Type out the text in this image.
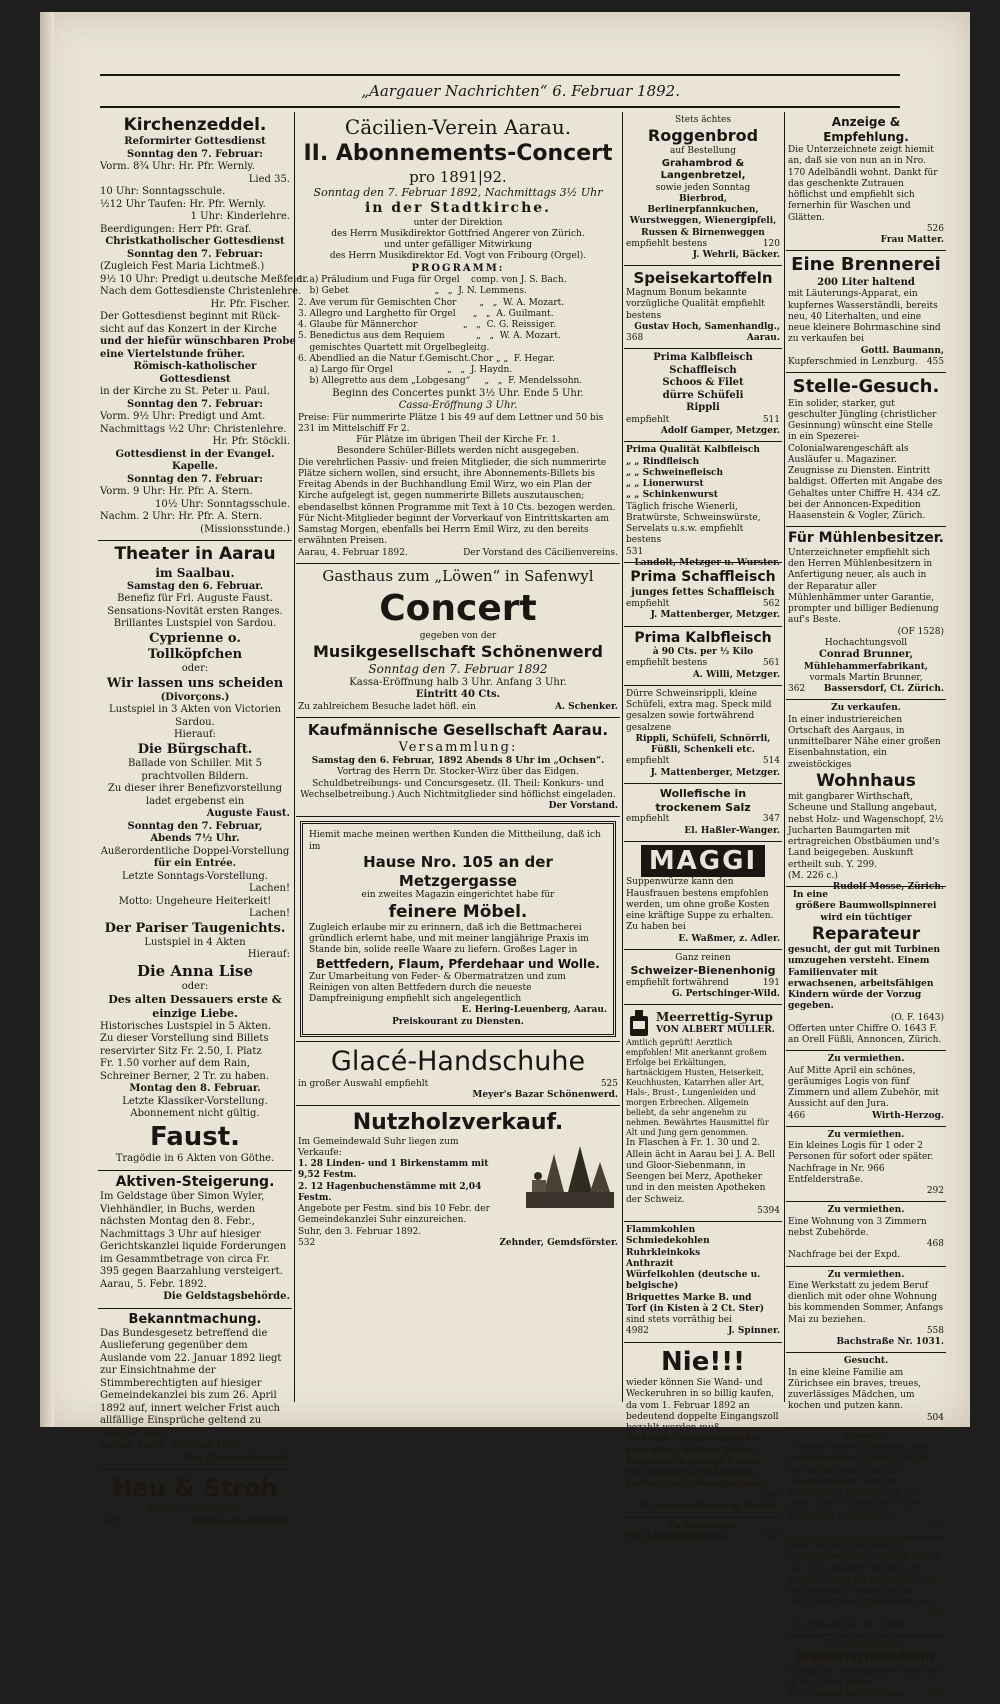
„Aargauer Nachrichten“ 6. Februar 1892.
Kirchenzeddel.
Reformirter Gottesdienst
Sonntag den 7. Februar:
Vorm. 8¾ Uhr: Hr. Pfr. Wernly.
Lied 35.
10 Uhr: Sonntagsschule.
½12 Uhr Taufen: Hr. Pfr. Wernly.
1 Uhr: Kinderlehre.
Beerdigungen: Herr Pfr. Graf.
Christkatholischer Gottesdienst
Sonntag den 7. Februar:
(Zugleich Fest Maria Lichtmeß.)
9½ 10 Uhr: Predigt u.deutsche Meßfeier.
Nach dem Gottesdienste Christenlehre.
Hr. Pfr. Fischer.
Der Gottesdienst beginnt mit Rück-
sicht auf das Konzert in der Kirche
und der hiefür wünschbaren Probe
eine Viertelstunde früher.
Römisch-katholischer Gottesdienst
in der Kirche zu St. Peter u. Paul.
Sonntag den 7. Februar:
Vorm. 9½ Uhr: Predigt und Amt.
Nachmittags ½2 Uhr: Christenlehre.
Hr. Pfr. Stöckli.
Gottesdienst in der Evangel. Kapelle.
Sonntag den 7. Februar:
Vorm. 9 Uhr: Hr. Pfr. A. Stern.
10½ Uhr: Sonntagsschule.
Nachm. 2 Uhr: Hr. Pfr. A. Stern.
(Missionsstunde.)
Theater in Aarau
im Saalbau.
Samstag den 6. Februar.
Benefiz für Frl. Auguste Faust.
Sensations-Novität ersten Ranges.
Brillantes Lustspiel von Sardou.
Cyprienne o. Tollköpfchen
oder:
Wir lassen uns scheiden
(Divorçons.)
Lustspiel in 3 Akten von Victorien Sardou.
Hierauf:
Die Bürgschaft.
Ballade von Schiller. Mit 5 prachtvollen Bildern.
Zu dieser ihrer Benefizvorstellung ladet ergebenst ein
Auguste Faust.
Sonntag den 7. Februar,
Abends 7½ Uhr.
Außerordentliche Doppel-Vorstellung
für ein Entrée.
Letzte Sonntags-Vorstellung.
Lachen!
Motto: Ungeheure Heiterkeit!
Lachen!
Der Pariser Taugenichts.
Lustspiel in 4 Akten
Hierauf:
Die Anna Lise
oder:
Des alten Dessauers erste & einzige Liebe.
Historisches Lustspiel in 5 Akten.
Zu dieser Vorstellung sind Billets
reservirter Sitz Fr. 2.50, I. Platz
Fr. 1.50 vorher auf dem Rain,
Schreiner Berner, 2 Tr. zu haben.
Montag den 8. Februar.
Letzte Klassiker-Vorstellung.
Abonnement nicht gültig.
Faust.
Tragödie in 6 Akten von Göthe.
Aktiven-Steigerung.
Im Geldstage über Simon Wyler, Viehhändler, in Buchs, werden nächsten Montag den 8. Febr., Nachmittags 3 Uhr auf hiesiger Gerichtskanzlei liquide Forderungen im Gesammtbetrage von circa Fr. 395 gegen Baarzahlung versteigert.
Aarau, 5. Febr. 1892.
Die Geldstagsbehörde.
Bekanntmachung.
Das Bundesgesetz betreffend die Auslieferung gegenüber dem Auslande vom 22. Januar 1892 liegt zur Einsichtnahme der Stimmberechtigten auf hiesiger Gemeindekanzlei bis zum 26. April 1892 auf, innert welcher Frist auch allfällige Einsprüche geltend zu machen sind.
Aarau, den 2. Februar 1892.
Der Gemeinderath.
Heu & Stroh
kauft fortwährend
548	Weber-Hegnauer.
Cäcilien-Verein Aarau.
II. Abonnements-Concert
pro 1891|92.
Sonntag den 7. Februar 1892, Nachmittags 3½ Uhr
in der Stadtkirche.
unter der Direktion
des Herrn Musikdirektor Gottfried Angerer von Zürich.
und unter gefälliger Mitwirkung
des Herrn Musikdirektor Ed. Vogt von Fribourg (Orgel).
PROGRAMM:
1. a) Präludium und Fuga für Orgel    comp. von J. S. Bach.
b) Gebet                              „   „  J. N. Lemmens.
2. Ave verum für Gemischten Chor        „   „  W. A. Mozart.
3. Allegro und Larghetto für Orgel      „   „  A. Guilmant.
4. Glaube für Männerchor                „   „  C. G. Reissiger.
5. Benedictus aus dem Requiem           „   „  W. A. Mozart.
gemischtes Quartett mit Orgelbegleitg.
6. Abendlied an die Natur f.Gemischt.Chor „ „  F. Hegar.
a) Largo für Orgel                   „   „  J. Haydn.
b) Allegretto aus dem „Lobgesang“     „   „  F. Mendelssohn.
Beginn des Concertes punkt 3½ Uhr. Ende 5 Uhr.
Cassa-Eröffnung 3 Uhr.
Preise: Für nummerirte Plätze 1 bis 49 auf dem Lettner und 50 bis 231 im Mittelschiff Fr 2.
Für Plätze im übrigen Theil der Kirche Fr. 1.
Besondere Schüler-Billets werden nicht ausgegeben.
Die verehrlichen Passiv- und freien Mitglieder, die sich nummerirte Plätze sichern wollen, sind ersucht, ihre Abonnements-Billets bis Freitag Abends in der Buchhandlung Emil Wirz, wo ein Plan der Kirche aufgelegt ist, gegen nummerirte Billets auszutauschen; ebendaselbst können Programme mit Text à 10 Cts. bezogen werden.
Für Nicht-Mitglieder beginnt der Vorverkauf von Eintrittskarten am Samstag Morgen, ebenfalls bei Herrn Emil Wirz, zu den bereits erwähnten Preisen.
Aarau, 4. Februar 1892.	Der Vorstand des Cäcilienvereins.
Gasthaus zum „Löwen“ in Safenwyl
Concert
gegeben von der
Musikgesellschaft Schönenwerd
Sonntag den 7. Februar 1892
Kassa-Eröffnung halb 3 Uhr. Anfang 3 Uhr.
Eintritt 40 Cts.
Zu zahlreichem Besuche ladet höfl. ein	A. Schenker.
Kaufmännische Gesellschaft Aarau.
Versammlung:
Samstag den 6. Februar, 1892 Abends 8 Uhr im „Ochsen“.
Vortrag des Herrn Dr. Stocker-Wirz über das Eidgen. Schuldbetreibungs- und Concursgesetz. (II. Theil: Konkurs- und Wechselbetreibung.) Auch Nichtmitglieder sind höflichst eingeladen.
Der Vorstand.
Hiemit mache meinen werthen Kunden die Mittheilung, daß ich im
Hause Nro. 105 an der Metzgergasse
ein zweites Magazin eingerichtet habe für
feinere Möbel.
Zugleich erlaube mir zu erinnern, daß ich die Bettmacherei gründlich erlernt habe, und mit meiner langjährige Praxis im Stande bin, solide reelle Waare zu liefern. Großes Lager in
Bettfedern, Flaum, Pferdehaar und Wolle.
Zur Umarbeitung von Feder- & Obermatratzen und zum Reinigen von alten Bettfedern durch die neueste Dampfreinigung empfiehlt sich angelegentlich
E. Hering-Leuenberg, Aarau.
Preiskourant zu Diensten.
Glacé-Handschuhe
in großer Auswahl empfiehlt	525
Meyer's Bazar Schönenwerd.
Nutzholzverkauf.
Im Gemeindewald Suhr liegen zum Verkaufe:
1. 28 Linden- und 1 Birkenstamm mit 9,52 Festm.
2. 12 Hagenbuchenstämme mit 2,04 Festm.
Angebote per Festm. sind bis 10 Febr. der Gemeindekanzlei Suhr einzureichen.
Suhr, den 3. Februar 1892.
532	Zehnder, Gemdsförster.
Stets ächtes
Roggenbrod
auf Bestellung
Grahambrod & Langenbretzel,
sowie jeden Sonntag
Bierbrod, Berlinerpfannkuchen, Wurstweggen, Wienergipfeli, Russen & Birnenweggen
empfiehlt bestens	120
J. Wehrli, Bäcker.
Speisekartoffeln
Magnum Bonum bekannte vorzügliche Qualität empfiehlt bestens
Gustav Hoch, Samenhandlg.,
368	Aarau.
Prima Kalbfleisch
Schaffleisch
Schoos & Filet
dürre Schüfeli
Rippli
empfiehlt	511
Adolf Gamper, Metzger.
Prima Qualität Kalbfleisch
„ „ Rindfleisch
„ „ Schweinefleisch
„ „ Lionerwurst
„ „ Schinkenwurst
Täglich frische Wienerli, Bratwürste, Schweinswürste, Servelats u.s.w. empfiehlt bestens
531
Landolt, Metzger u. Wurster.
Prima Schaffleisch
junges fettes Schaffleisch
empfiehlt	562
J. Mattenberger, Metzger.
Prima Kalbfleisch
à 90 Cts. per ½ Kilo
empfiehlt bestens	561
A. Willi, Metzger.
Dürre Schweinsrippli, kleine Schüfeli, extra mag. Speck mild gesalzen sowie fortwährend gesalzene
Rippli, Schüfeli, Schnörrli, Füßli, Schenkeli etc.
empfiehlt	514
J. Mattenberger, Metzger.
Wollefische in trockenem Salz
empfiehlt	347
El. Haßler-Wanger.
MAGGI
Suppenwürze kann den Hausfrauen bestens empfohlen werden, um ohne große Kosten eine kräftige Suppe zu erhalten. Zu haben bei
E. Waßmer, z. Adler.
Ganz reinen
Schweizer-Bienenhonig
empfiehlt fortwährend	191
G. Pertschinger-Wild.
Meerrettig-Syrup
VON ALBERT MÜLLER.
Amtlich geprüft! Aerztlich empfohlen! Mit anerkannt großem Erfolge bei Erkältungen, hartnäckigem Husten, Heiserkeit, Keuchhusten, Katarrhen aller Art, Hals-, Brust-, Lungenleiden und morgen Erbrechen. Allgemein beliebt, da sehr angenehm zu nehmen. Bewährtes Hausmittel für Alt und Jung gern genommen.
In Flaschen à Fr. 1. 30 und 2. Allein ächt in Aarau bei J. A. Bell und Gloor-Siebenmann, in Seengen bei Merz, Apotheker und in den meisten Apotheken der Schweiz.
5394
Flammkohlen
Schmiedekohlen
Ruhrkleinkoks
Anthrazit
Würfelkohlen (deutsche u. belgische)
Briquettes Marke B. und
Torf (in Kisten à 2 Ct. Ster)
sind stets vorräthig bei
4982	J. Spinner.
Nie!!!
wieder können Sie Wand- und Weckeruhren in so billig kaufen, da vom 1. Februar 1892 an bedeutend doppelte Eingangszoll bezahlt werden muß.
So lange Vorrath empfehle zum alten, billigen Preise. Illustrirte Kataloge franko. Für Händler und Agenten vortheilhafte Bezugsquelle.
546
W. Krüger-Römer in Zürich.
Zu verkaufen:
Ein Kinderbettstatt.	528
Anzeige & Empfehlung.
Die Unterzeichnete zeigt hiemit an, daß sie von nun an in Nro. 170 Adelbändli wohnt. Dankt für das geschenkte Zutrauen höflichst und empfiehlt sich fernerhin für Waschen und Glätten.
526
Frau Matter.
Eine Brennerei
200 Liter haltend
mit Läuterungs-Apparat, ein kupfernes Wasserständli, bereits neu, 40 Literhalten, und eine neue kleinere Bohrmaschine sind zu verkaufen bei
Gottl. Baumann,
Kupferschmied in Lenzburg. 455
Stelle-Gesuch.
Ein solider, starker, gut geschulter Jüngling (christlicher Gesinnung) wünscht eine Stelle in ein Spezerei-Colonialwarengeschäft als Ausläufer u. Magaziner. Zeugnisse zu Diensten. Eintritt baldigst. Offerten mit Angabe des Gehaltes unter Chiffre H. 434 cZ. bei der Annoncen-Expedition Haasenstein & Vogler, Zürich.
Für Mühlenbesitzer.
Unterzeichneter empfiehlt sich den Herren Mühlenbesitzern in Anfertigung neuer, als auch in der Reparatur aller Mühlenhämmer unter Garantie, prompter und billiger Bedienung auf's Beste.
(OF 1528)
Hochachtungsvoll
Conrad Brunner,
Mühlehammerfabrikant,
vormals Martin Brunner,
362 Bassersdorf, Ct. Zürich.
Zu verkaufen.
In einer industriereichen Ortschaft des Aargaus, in unmittelbarer Nähe einer großen Eisenbahnstation, ein zweistöckiges
Wohnhaus
mit gangbarer Wirthschaft, Scheune und Stallung angebaut, nebst Holz- und Wagenschopf, 2½ Jucharten Baumgarten mit ertragreichen Obstbäumen und's Land beigegeben. Auskunft ertheilt sub. Y. 299.
(M. 226 c.)
Rudolf Mosse, Zürich.
In eine größere Baumwollspinnerei wird ein tüchtiger
Reparateur
gesucht, der gut mit Turbinen umzugehen versteht. Einem Familienvater mit erwachsenen, arbeitsfähigen Kindern würde der Vorzug gegeben.
(O. F. 1643)
Offerten unter Chiffre O. 1643 F. an Orell Füßli, Annoncen, Zürich.
Zu vermiethen.
Auf Mitte April ein schönes, geräumiges Logis von fünf Zimmern und allem Zubehör, mit Aussicht auf den Jura.
466	Wirth-Herzog.
Zu vermiethen.
Ein kleines Logis für 1 oder 2 Personen für sofort oder später. Nachfrage in Nr. 966 Entfelderstraße.
292
Zu vermiethen.
Eine Wohnung von 3 Zimmern nebst Zubehörde.
468
Nachfrage bei der Expd.
Zu vermiethen.
Eine Werkstatt zu jedem Beruf dienlich mit oder ohne Wohnung bis kommenden Sommer, Anfangs Mai zu beziehen.
558
Bachstraße Nr. 1031.
Gesucht.
In eine kleine Familie am Zürichsee ein braves, treues, zuverlässiges Mädchen, um kochen und putzen kann.
504
Gesucht.
In einen kleinen Haushalt eine rechtschaffene, tüchtige Magd, die kochen kann und die Hausgeschäfte versteht. Freundliche Behandlung und guter Lohn zugesichert. Gute Zeugnisse erforderlich.
516
Eine Tochter, die schon in verschiedenen Geschäften thätig war und geläufig französisch spricht, sucht für sofort Stellung, am liebsten in einen Laden. — Gute Zeugnisse und Referenzen.
557
Zu erfragen bei der Expd.
Bei einer hiesigen
Damenschneiderin
könnte ein ordentliches Mädchen in die Lehre treten.
Zu erfragen bei der Expd. 566
